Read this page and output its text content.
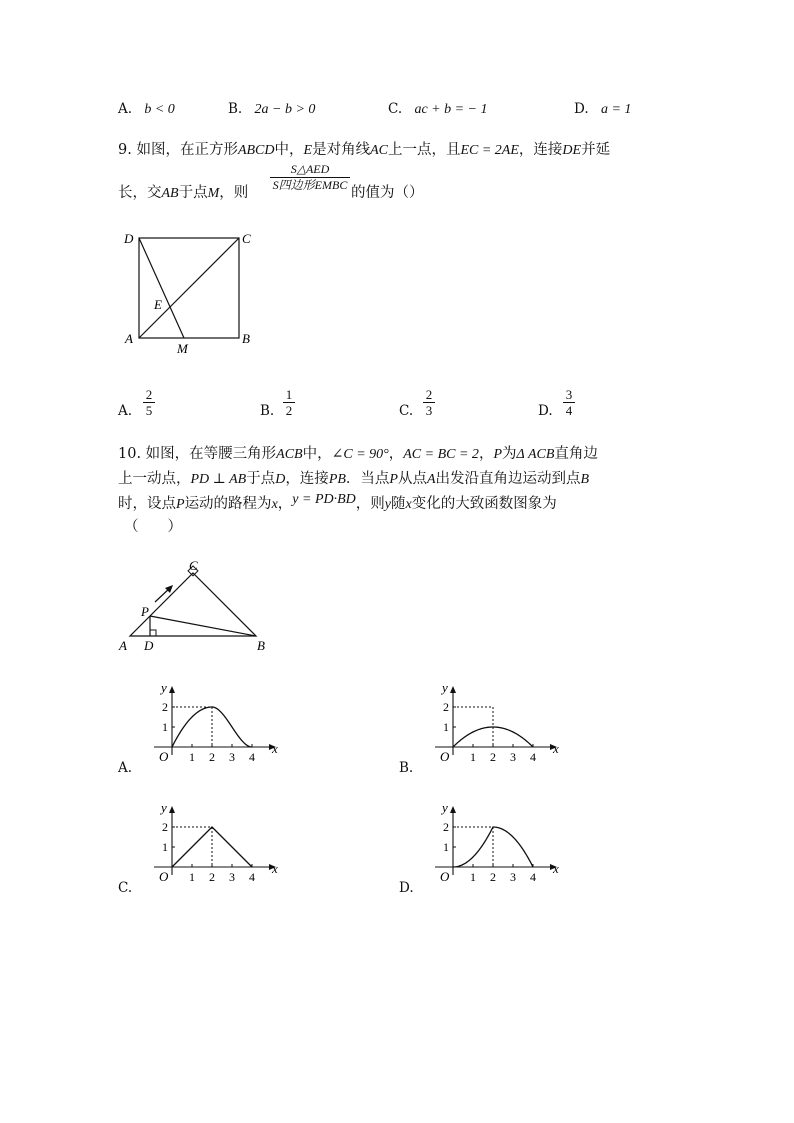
A. b < 0	B. 2a − b > 0	C. ac + b = − 1	D. a = 1
9. 如图，在正方形ABCD中，E是对角线AC上一点，且EC = 2AE，连接DE并延
长，交AB于点M，则
S△AED
S四边形EMBC 的值为（）
D	C
E
A
M
B
A.
2
5	B.
1
2	C.
2
3	D.
3
4
10. 如图，在等腰三角形ACB中，∠C = 90°，AC = BC = 2，P为Δ ACB直角边
上一动点，PD ⊥ AB于点D，连接PB．当点P从点A出发沿直角边运动到点B
时，设点P运动的路程为x，y = PD·BD，则y随x变化的大致函数图象为
（　　）
C
P
A D	B
A.
1 2 3 4
1
2
O
x
y
B.
1 2 3 4
1
2
O
x
y
C.
1 2 3 4
1
2
O
x
y
D.
1 2 3 4
1
2
O
x
y
